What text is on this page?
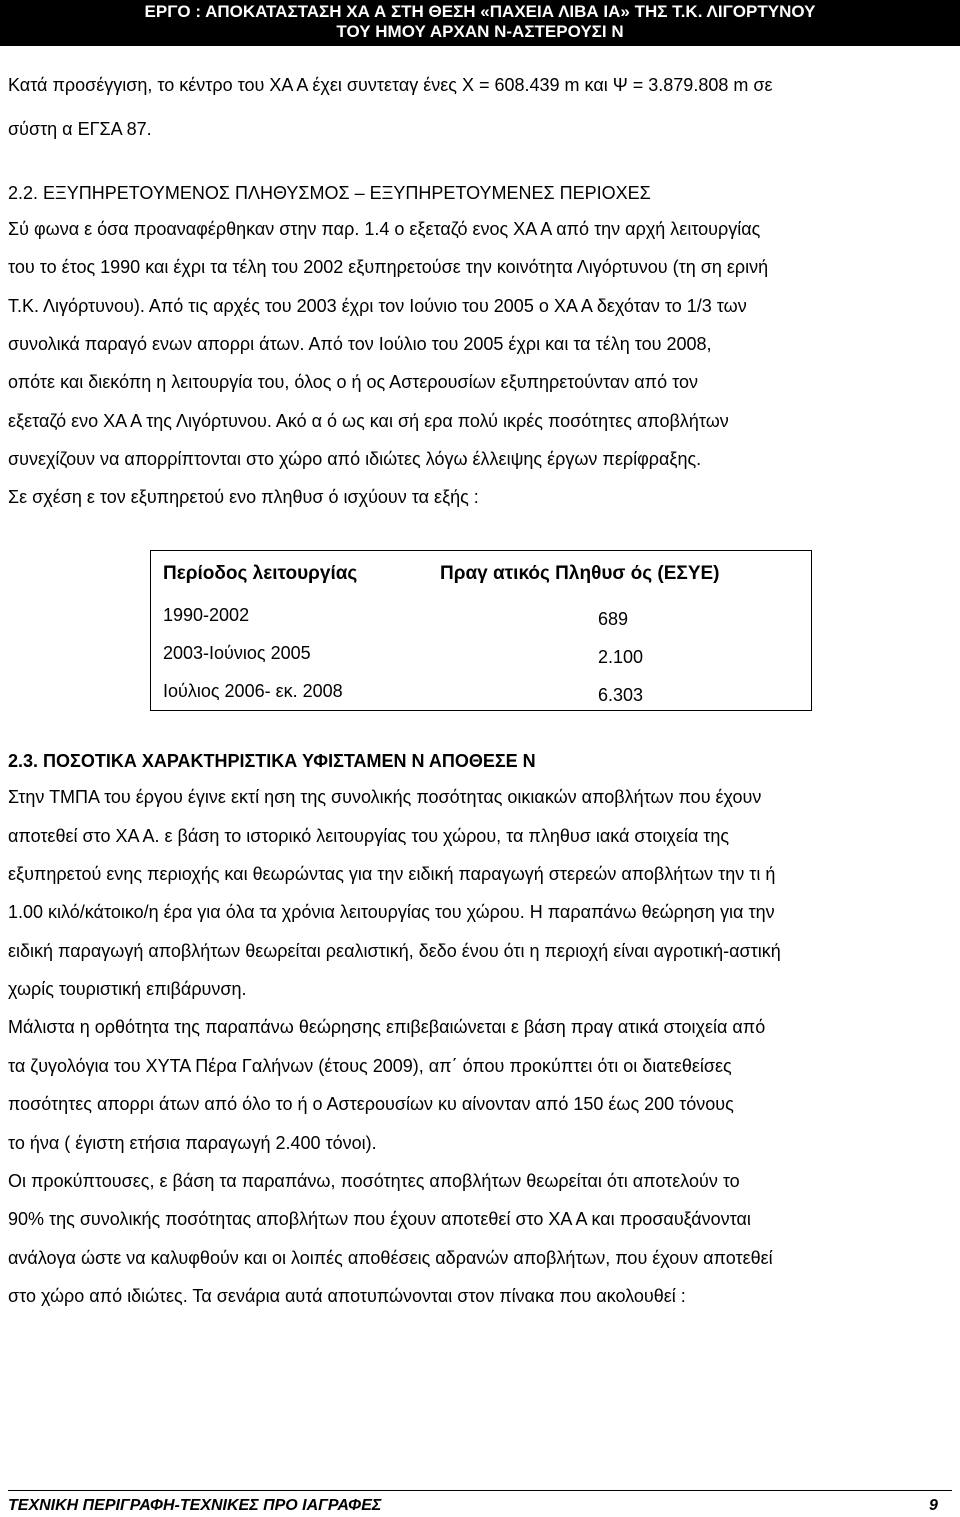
ΕΡΓΟ : ΑΠΟΚΑΤΑΣΤΑΣΗ ΧΑ Α ΣΤΗ ΘΕΣΗ «ΠΑΧΕΙΑ ΛΙΒΑ ΙΑ» ΤΗΣ Τ.Κ. ΛΙΓΟΡΤΥΝΟΥ
ΤΟΥ ΗΜΟΥ ΑΡΧΑΝ Ν-ΑΣΤΕΡΟΥΣΙ Ν
Κατά προσέγγιση, το κέντρο του ΧΑ Α έχει συντεταγ ένες Χ = 608.439 m και Ψ = 3.879.808 m σε
σύστη α ΕΓΣΑ 87.
2.2. ΕΞΥΠΗΡΕΤΟΥΜΕΝΟΣ ΠΛΗΘΥΣΜΟΣ – ΕΞΥΠΗΡΕΤΟΥΜΕΝΕΣ ΠΕΡΙΟΧΕΣ
Σύ φωνα ε όσα προαναφέρθηκαν στην παρ. 1.4 ο εξεταζό ενος ΧΑ Α από την αρχή λειτουργίας
του το έτος 1990 και έχρι τα τέλη του 2002 εξυπηρετούσε την κοινότητα Λιγόρτυνου (τη ση ερινή
Τ.Κ. Λιγόρτυνου). Από τις αρχές του 2003 έχρι τον Ιούνιο του 2005 ο ΧΑ Α δεχόταν το 1/3 των
συνολικά παραγό ενων απορρι άτων. Από τον Ιούλιο του 2005 έχρι και τα τέλη του 2008,
οπότε και διεκόπη η λειτουργία του, όλος ο ή ος Αστερουσίων εξυπηρετούνταν από τον
εξεταζό ενο ΧΑ Α της Λιγόρτυνου. Ακό α ό ως και σή ερα πολύ ικρές ποσότητες αποβλήτων
συνεχίζουν να απορρίπτονται στο χώρο από ιδιώτες λόγω έλλειψης έργων περίφραξης.
Σε σχέση ε τον εξυπηρετού ενο πληθυσ ό ισχύουν τα εξής :
Περίοδος λειτουργίας	Πραγ ατικός Πληθυσ ός (ΕΣΥΕ)
1990-2002	689
2003-Ιούνιος 2005	2.100
Ιούλιος 2006- εκ. 2008	6.303
2.3. ΠΟΣΟΤΙΚΑ ΧΑΡΑΚΤΗΡΙΣΤΙΚΑ ΥΦΙΣΤΑΜΕΝ Ν ΑΠΟΘΕΣΕ Ν
Στην ΤΜΠΑ του έργου έγινε εκτί ηση της συνολικής ποσότητας οικιακών αποβλήτων που έχουν
αποτεθεί στο ΧΑ Α. ε βάση το ιστορικό λειτουργίας του χώρου, τα πληθυσ ιακά στοιχεία της
εξυπηρετού ενης περιοχής και θεωρώντας για την ειδική παραγωγή στερεών αποβλήτων την τι ή
1.00 κιλό/κάτοικο/η έρα για όλα τα χρόνια λειτουργίας του χώρου. Η παραπάνω θεώρηση για την
ειδική παραγωγή αποβλήτων θεωρείται ρεαλιστική, δεδο ένου ότι η περιοχή είναι αγροτική-αστική
χωρίς τουριστική επιβάρυνση.
Μάλιστα η ορθότητα της παραπάνω θεώρησης επιβεβαιώνεται ε βάση πραγ ατικά στοιχεία από
τα ζυγολόγια του ΧΥΤΑ Πέρα Γαλήνων (έτους 2009), απ΄ όπου προκύπτει ότι οι διατεθείσες
ποσότητες απορρι άτων από όλο το ή ο Αστερουσίων κυ αίνονταν από 150 έως 200 τόνους
το ήνα ( έγιστη ετήσια παραγωγή 2.400 τόνοι).
Οι προκύπτουσες, ε βάση τα παραπάνω, ποσότητες αποβλήτων θεωρείται ότι αποτελούν το
90% της συνολικής ποσότητας αποβλήτων που έχουν αποτεθεί στο ΧΑ Α και προσαυξάνονται
ανάλογα ώστε να καλυφθούν και οι λοιπές αποθέσεις αδρανών αποβλήτων, που έχουν αποτεθεί
στο χώρο από ιδιώτες. Τα σενάρια αυτά αποτυπώνονται στον πίνακα που ακολουθεί :
ΤΕΧΝΙΚΗ ΠΕΡΙΓΡΑΦΗ-ΤΕΧΝΙΚΕΣ ΠΡΟ ΙΑΓΡΑΦΕΣ	9
